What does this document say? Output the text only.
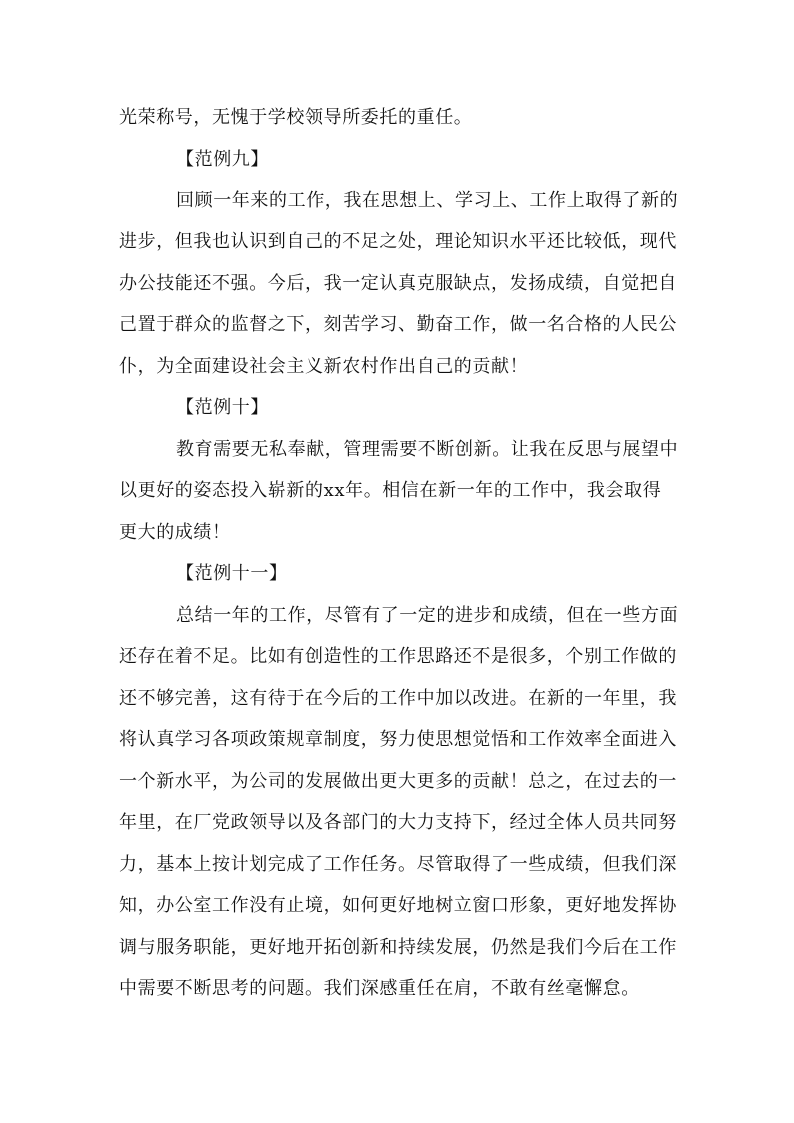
光荣称号，无愧于学校领导所委托的重任。
【范例九】
回顾一年来的工作，我在思想上、学习上、工作上取得了新的
进步，但我也认识到自己的不足之处，理论知识水平还比较低，现代
办公技能还不强。今后，我一定认真克服缺点，发扬成绩，自觉把自
己置于群众的监督之下，刻苦学习、勤奋工作，做一名合格的人民公
仆，为全面建设社会主义新农村作出自己的贡献！
【范例十】
教育需要无私奉献，管理需要不断创新。让我在反思与展望中
以更好的姿态投入崭新的xx年。相信在新一年的工作中，我会取得
更大的成绩！
【范例十一】
总结一年的工作，尽管有了一定的进步和成绩，但在一些方面
还存在着不足。比如有创造性的工作思路还不是很多，个别工作做的
还不够完善，这有待于在今后的工作中加以改进。在新的一年里，我
将认真学习各项政策规章制度，努力使思想觉悟和工作效率全面进入
一个新水平，为公司的发展做出更大更多的贡献！总之，在过去的一
年里，在厂党政领导以及各部门的大力支持下，经过全体人员共同努
力，基本上按计划完成了工作任务。尽管取得了一些成绩，但我们深
知，办公室工作没有止境，如何更好地树立窗口形象，更好地发挥协
调与服务职能，更好地开拓创新和持续发展，仍然是我们今后在工作
中需要不断思考的问题。我们深感重任在肩，不敢有丝毫懈怠。
